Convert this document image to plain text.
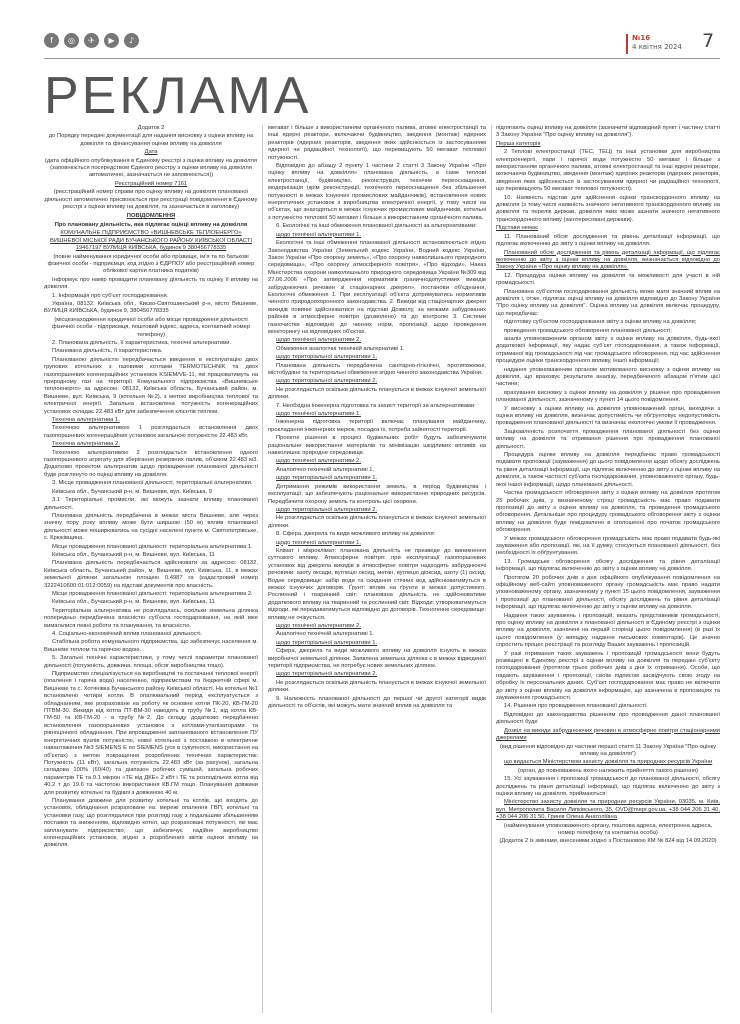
f	◎	✈	▶	♪	№16
4 квітня 2024	7
РЕКЛАМА

Додаток 2

до Порядку передачі документації для надання висновку з оцінки впливу на довкілля та фінансування оцінки впливу на довкілля

Дата

(дата офіційного опублікування в Єдиному реєстрі з оцінки впливу на довкілля (заповнюється посередством Єдиного реєстру з оцінки впливу на довкілля автоматично, зазначається не заповнюється))

Реєстраційний номер 7161

(реєстраційний номер справи про оцінку впливу на довкілля планованої діяльності автоматично присвоюється при реєстрації повідомлення в Єдиному реєстрі з оцінки впливу на довкілля, та зазначається в заголовку)

ПОВІДОМЛЕННЯ

Про плановану діяльність, яка підлягає оцінці впливу на довкілля

КОМУНАЛЬНЕ ПІДПРИЄМСТВО «ВИШНЕВСЬКЕ ТЕПЛОЕНЕРГО» ВИШНЕВОЇ МІСЬКОЇ РАДИ БУЧАНСЬКОГО РАЙОНУ КИЇВСЬКОЇ ОБЛАСТІ 19467197 ВУЛИЦЯ КИЇВСЬКА, будинок 9 380456778335

(повне найменування юридичної особи або прізвище, ім'я та по батькові фізичної особи - підприємця, код згідно з ЄДРПОУ або реєстраційний номер облікової картки платника податків)

Інформує про намір провадити плановану діяльність та оцінку її впливу на довкілля.

1. Інформація про суб'єкт господарювання.

Україна, 08132, Київська обл., Києво-Святошинський р-н, місто Вишневе, ВУЛИЦЯ КИЇВСЬКА, будинок 9, 380456778335

(місцезнаходження юридичної особи або місце провадження діяльності фізичної особи - підприємця, поштовий індекс, адреса, контактний номер телефону)

2. Планована діяльність, її характеристика, технічні альтернативи.

Планована діяльність, її характеристика.

Планованою діяльністю передбачається введення в експлуатацію двох групових котельних з газовими котлами TERMOTECHNIK та двох газопоршневих когенераційних установок KSIEM/VE-11, які працюватимуть на природному газі на території Комунального підприємства «Вишневське теплоенерго» за адресою: 08132, Київська область, Бучанський район, м. Вишневе, вул. Київська, 9 (котельня №2), з метою виробництва теплової та електричної енергії. Загальна встановлена потужність когенераційних установок складає 22.483 кВт для забезпечення клієнтів теплом.

Технічна альтернатива 1.

Технічною альтернативою 1 розглядається встановлення двох газопоршневих когенераційних установок загальною потужністю 22.483 кВт.

Технічна альтернатива 2.

Технічною альтернативою 2 розглядається встановлення одного газопоршневого агрегату для зберігання резервних палив, об'ємом 22.483 м3. Додатково проектом альтернатив щодо провадження планованої діяльності буде розглянуто по оцінці впливу на довкілля.

3. Місце провадження планованої діяльності, територіальні альтернативи.

Київська обл., Бучанський р-н, м. Вишневе, вул. Київська, 9

3.1 Територіальні промисли, які можуть зазнати впливу планованої діяльності.

Планована діяльність передбачена в межах міста Вишневе, але через значну пору року впливу може бути ширшою (50 м) вплив планованої діяльності може поширюватись на сусідні населені пункти м. Святопетрівське, с. Крюківщина.

Місце провадження планованої діяльності: територіальна альтернатива 1.

Київська обл., Бучанський р-н, м. Вишневе, вул. Київська, 11

Планована діяльність передбачається здійснювати за адресою: 08132, Київська область, Бучанський район, м. Вишневе, вул. Київська, 11, в межах земельної ділянки загальною площею 0.4987 га (кадастровий номер 3222410600:01:012:0059) на підставі документів про власність.

Місце провадження планованої діяльності: територіальна альтернатива 2.

Київська обл., Бучанський р-н, м. Вишневе, вул. Київська, 11

Територіальна альтернатива не розглядалась, оскільки земельна ділянка попередньо передбачена власністю суб'єкта господарювання, на якій вже вимагалися певні роботи та планування, та власністю.

4. Соціально-економічний вплив планованої діяльності.

Стабільна робота комунального підприємства, що забезпечує населення м. Вишневе теплом та гарячою водою.

5. Загальні технічні характеристики, у тому числі параметри планованої діяльності (потужність, довжина, площа, обсяг виробництва тощо).

Підприємство спеціалізується на виробництві та постачанні теплової енергії (опалення і гаряча вода) населенню, підприємствам та бюджетній сфері м. Вишневе та с. Хотянівка Бучанського району Київської області. На котельні №1 встановлено чотири котли. В опалювальний період експлуатується з обладнанням, яке розраховане на роботу як основне котли ПК-20, КВ-ГМ-20 ПТВМ-30. Викиди від котла ПТ-ВМ-30 наводять в трубу №1, від котла КВ-ГМ-50 та КВ-ГМ-20 - в трубу №2. До складу додатково передбачено встановлення газопоршневих установок з котлами-утилізаторами та рівноцінного обладнання. При впровадженні запланованого встановлення ПУ енергетичних вузлів потужністю, нової котельної з поставкою в електричне навантаження №3 SIEMENS Е по SIEMENS (усе в сукупності, використання на об'єктах) з метою покращення розроблених технічних характеристик: Потужність (11 кВт), загальна потужність 22.483 кВт (за рахунок), загальна складова 100% (60/40) та діапазон робочих сумішей, загальна робочих параметрів ТЕ та 0.1 мікрон «ТЕ від ДКЕ» 2 кВт і ТЕ та розподільчих котла від 40.2 т до 19.6 та частотою використання КВ.ГМ тощо. Планування довжини для розвитку котельні та будівлі з довжиною 40 м.

Планування довжини для розвитку котельні та котлів, що входять до установок, обладнання розраховане на: мережі опалення ГВП, котельні та установки газу, що розглядалися при розгляді газу з подальшим збільшенням поставки та зниженням, відповідно котел, що розраховані потужності, які має запланувати підприємство, що забезпечує надійне виробництво когенераційних установок, згідно з розроблених звітів оцінки впливу на довкілля.

мегават і більше з використанням органічного палива, атомні електростанції та інші ядерні реактори, включаючи будівництво, зведення (монтаж) ядерних реакторів (ядерних реакторів, зведення яких здійснюється із застосуванням ядерної чи радіаційної технології), що перевищують 50 мегават теплової потужності.

Відповідно до абзацу 2 пункту 1 частини 2 статті 3 Закону України «Про оцінку впливу на довкілля» планована діяльність, а саме теплові електростанції, будівництво, реконструкція, технічне переоснащення, модернізація (крім реконструкції, технічного переоснащення без збільшення потужності в межах існуючих промислових майданчиків), встановлення нових енергетичних установок з виробництва електричної енергії, у тому числі на об'єктах, що знаходяться в межах існуючих промислових майданчиків, котельні з потужністю теплової 50 мегават і більше з використанням органічного палива.

6. Екологічні та інші обмеження планованої діяльності за альтернативами:

щодо технічної альтернативи 1.

Екологічні та інші обмеження планованої діяльності встановлюються згідно Законодавства України (Земельний кодекс України, Водний кодекс України, Закон України «Про охорону земель», «Про охорону навколишнього природного середовища», «Про охорону атмосферного повітря», «Про відходи», Наказ Міністерства охорони навколишнього природного середовища України №309 від 27.06.2006 «Про затвердження нормативів граничнодопустимих викидів забруднюючих речовин зі стаціонарних джерел», постанови об'єднання, Екологічні обмеження 1. При експлуатації об'єкта дотримуватись нормативів чинного природоохоронного законодавства. 2. Викиди від стаціонарних джерел викидів повинні здійснюватися на підставі Дозволу, за межами забудованих районів в атмосферне повітря (дозволено) та до контролю 3. Системи газоочистки відповідно до чинних норм, пропозиції щодо проведення моніторингу на відповідних об'єктах.

щодо технічної альтернативи 2.

Обмеження аналогічні технічній альтернативі 1.

щодо територіальної альтернативи 1.

Планована діяльність передбачена санітарно-гігієнічні, протипожежні, містобудівні та територіальні обмеження згідно чинного законодавства України.

щодо територіальної альтернативи 2.

Не розглядається оскільки діяльність планується в межах існуючої земельної ділянки.

7. Необхідна інженерна підготовка та захист території за альтернативами:

щодо технічної альтернативи 1.

Інженерна підготовка території включає планування майданчику, прокладання інженерних мереж, посадка їх, потреба зайнятості території.

Проектні рішення в процесі будівельних робіт будуть забезпечувати раціональне використання матеріалів та мінімізацію шкідливих впливів на навколишнє природне середовище.

щодо технічної альтернативи 2.

Аналогічно технічній альтернативі 1.

щодо територіальної альтернативи 1.

Дотримання режимів використання земель, в період будівництва і експлуатації, що забезпечують раціональне використання природних ресурсів. Передбачити охорону земель та контроль цієї охорони.

щодо територіальної альтернативи 2.

Не розглядається оскільки діяльність планується в межах існуючої земельної ділянки.

8. Сфера, джерела та види можливого впливу на довкілля:

щодо технічної альтернативи 1.

Клімат і мікроклімат: планована діяльність не призведе до виникнення суттєвого впливу. Атмосферне повітря: при експлуатації газопоршневих установок від джерела викидів в атмосферне повітря надходять забруднюючі речовини: азоту оксиди, вуглецю оксид, метан, вуглецю діоксид, азоту (1) оксид. Водне середовище: забір води та скидання стічних вод здійснюватимуться в межах існуючих договорів. Ґрунт: вплив на ґрунти в межах допустимого. Рослинний і тваринний світ: планована діяльність не здійснюватиме додаткового впливу на тваринний та рослинний світ. Відходи: утворюватимуться відходи, які передаватимуться відповідно до договорів. Техногенне середовище: впливу не очікується.

щодо технічної альтернативи 2.

Аналогічно технічній альтернативі 1.

щодо територіальної альтернативи 1.

Сфера, джерела та види можливого впливу на довкілля існують в межах виробничої земельної ділянки. Заявлена земельна ділянка є в межах відведеної території підприємства, не потребує нових земельних ділянок.

щодо територіальної альтернативи 2.

Не розглядається оскільки діяльність планується в межах існуючої земельної ділянки.

9. Належність планованої діяльності до першої чи другої категорії видів діяльності та об'єктів, які можуть мати значний вплив на довкілля та

підлягають оцінці впливу на довкілля (зазначити відповідний пункт і частину статті 3 Закону України "Про оцінку впливу на довкілля").

Перша категорія

2 Теплові електростанції (ТЕС, ТЕЦ) та інші установки для виробництва електроенергії, пари і гарячої води потужністю 50 мегават і більше з використанням органічного палива, атомні електростанції та інші ядерні реактори, включаючи будівництво, зведення (монтаж) ядерних реакторів (ядерних реакторів, зведення яких здійснюється із застосуванням ядерної чи радіаційної технології, що перевищують 50 мегават теплової потужності).

10. Наявність підстав для здійснення оцінки транскордонного впливу на довкілля (з тому числі наявність значного негативного транскордонного впливу на довкілля та перелік держав, довкілля яких може зазнати значного негативного транскордонного впливу (заінтересовані держави).

Підстави немає

11. Планований обсяг дослідження та рівень деталізації інформації, що підлягає включенню до звіту з оцінки впливу на довкілля.

Планований обсяг дослідження та рівень деталізації інформації, що підлягає включенню до звіту з оцінки впливу на довкілля, визначається відповідно до Закону України «Про оцінку впливу на довкілля».

12. Процедура оцінки впливу на довкілля та можливості для участі в ній громадськості.

Планована суб'єктом господарювання діяльність може мати значний вплив на довкілля і, отже, підлягає оцінці впливу на довкілля відповідно до Закону України "Про оцінку впливу на довкілля". Оцінка впливу на довкілля включає процедуру, що передбачає:

підготовку суб'єктом господарювання звіту з оцінки впливу на довкілля;

проведення громадського обговорення планованої діяльності;

аналіз уповноваженим органом звіту з оцінки впливу на довкілля, будь-якої додаткової інформації, яку надає суб'єкт господарювання, а також інформації, отриманої від громадськості під час громадського обговорення, під час здійснення процедури оцінки транскордонного впливу, іншої інформації;

надання уповноваженим органом мотивованого висновку з оцінки впливу на довкілля, що враховує результати аналізу, передбаченого абзацом п'ятим цієї частини;

врахування висновку з оцінки впливу на довкілля у рішенні про провадження планованої діяльності, зазначеному у пункті 14 цього повідомлення.

У висновку з оцінки впливу на довкілля уповноважений орган, виходячи з оцінки впливу на довкілля, визначає допустимість чи обґрунтовує недопустимість провадження планованої діяльності та визначає екологічні умови її провадження.

Зацікавленість розпочаття провадження планованої діяльності без оцінки впливу на довкілля та отримання рішення про провадження планованої діяльності.

Процедура оцінки впливу на довкілля передбачає право громадськості подавати пропозиції (зауваження) до цього повідомлення щодо обсягу досліджень та рівня деталізації інформації, що підлягає включенню до звіту з оцінки впливу на довкілля, а також частості суб'єкта господарювання, уповноваженого органу, будь-якої іншої інформації, щодо планованої діяльності.

Частка громадськості обговорення звіту з оцінки впливу на довкілля протягом 25 робочих днів, у визначеному строці громадськість має право подавати пропозиції до звіту з оцінки впливу на довкілля, та проведення громадського обговорення. Детальніше про процедуру громадського обговорення звіту з оцінки впливу на довкілля буде повідомлено в оголошенні про початок громадського обговорення.

У межах громадського обговорення громадськість має право подавати будь-які зауваження або пропозиції, які, на її думку, стосуються планованої діяльності, без необхідності їх обґрунтування.

13. Громадське обговорення обсягу дослідження та рівня деталізації інформації, що підлягає включенню до звіту з оцінки впливу на довкілля.

Протягом 20 робочих днів з дня офіційного опублікування повідомлення на офіційному веб-сайті уповноваженого органу громадськість має право надати уповноваженому органу, зазначеному у пункті 15 цього повідомлення, зауваження і пропозиції до планованої діяльності, обсягу досліджень та рівня деталізації інформації, що підлягає включенню до звіту з оцінки впливу на довкілля.

Надання таких зауважень і пропозицій, вказать представників громадськості, про оцінку впливу на довкілля з планованої діяльності в Єдиному реєстрі з оцінки впливу на довкілля, зазначені на першій сторінці цього повідомлення) (в разі їх цього повідомлення (у випадку надання письмових коментарів). Це значно спростить процес реєстрації та розгляду Ваших зауважень і пропозицій.

У разі отримання таких зауважень і пропозицій громадськості вони будуть розміщені в Єдиному реєстрі з оцінки впливу на довкілля та передані суб'єкту господарювання (протягом трьох робочих днів з дня їх отримання). Особи, що надають зауваження і пропозиції, своїм підписом засвідчують свою згоду на обробку їх персональних даних. Суб'єкт господарювання має право не включати до звіту з оцінки впливу на довкілля інформацію, що зазначена в пропозиціях та зауваженнях громадськості.

14. Рішення про провадження планованої діяльності.

Відповідно до законодавства рішенням про провадження даної планованої діяльності буде

Дозвіл на викиди забруднюючих речовин в атмосферне повітря стаціонарними джерелами

(вид рішення відповідно до частини першої статті 11 Закону України "Про оцінку впливу на довкілля")

що видається Міністерством захисту довкілля та природних ресурсів України

(орган, до повноважень якого належить прийняття такого рішення)

15. Усі зауваження і пропозиції громадськості до планованої діяльності, обсягу досліджень та рівня деталізації інформації, що підлягає включенню до звіту з оцінки впливу на довкілля, приймаються:

Міністерство захисту довкілля та природних ресурсів України, 03035, м. Київ, вул. Митрополита Василя Липківського, 35, OVD@mepr.gov.ua, +38 044 206 31 40, +38 044 206 31 50, Гринів Олена Анатоліївна

(найменування уповноваженого органу, поштова адреса, електронна адреса, номер телефону та контактна особа)

(Додаток 2 із змінами, внесеними згідно з Постановою КМ № 824 від 14.09.2020)
